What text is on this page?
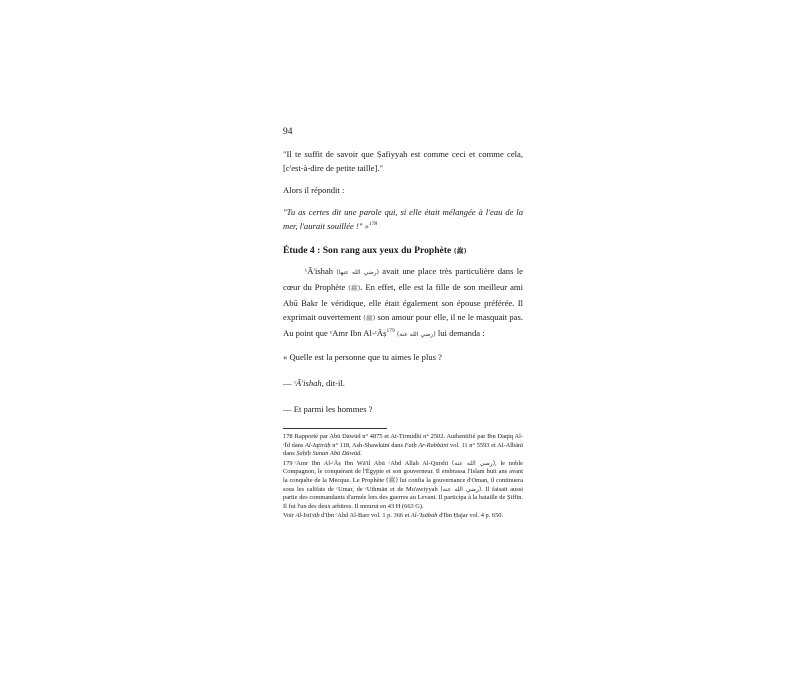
94

"Il te suffit de savoir que Ṣafiyyah est comme ceci et comme cela, [c'est-à-dire de petite taille]."

Alors il répondit :

"Tu as certes dit une parole qui, si elle était mélangée à l'eau de la mer, l'aurait souillée !" »$^{178}$

Étude 4 : Son rang aux yeux du Prophète (ﷺ)

ᶜĀ'ishah (رضي الله عنها) avait une place très particulière dans le cœur du Prophète (ﷺ). En effet, elle est la fille de son meilleur ami Abū Bakr le véridique, elle était également son épouse préférée. Il exprimait ouvertement (ﷺ) son amour pour elle, il ne le masquait pas. Au point que ᶜAmr Ibn Al-ᶜĀṣ$^{179}$ (رضي الله عنه) lui demanda :

« Quelle est la personne que tu aimes le plus ?

— ᶜĀ'ishah, dit-il.

— Et parmi les hommes ?

178 Rapporté par Abū Dāwūd n° 4875 et At-Tirmidhī n° 2502. Authentifié par Ibn Daqīq Al-ᶜĪd dans Al-Iqtirāḥ n° 118, Ash-Shawkānī dans Fatḥ Ar-Rabbānī vol. 11 n° 5593 et Al-Albānī dans Ṣaḥīḥ Sunan Abū Dāwūd.

179 ᶜAmr Ibn Al-ᶜĀṣ Ibn Wā'il Abū ᶜAbd Allah Al-Qurshī (رضي الله عنه), le noble Compagnon, le conquérant de l'Égypte et son gouverneur. Il embrassa l'Islam huit ans avant la conquête de la Mecque. Le Prophète (ﷺ) lui confia la gouvernance d'Oman, il continuera sous les califats de ᶜUmar, de ᶜUthmān et de Mu'awiyyah (رضي الله عنه). Il faisait aussi partie des commandants d'armée lors des guerres au Levant. Il participa à la bataille de Ṣiffīn. Il fut l'un des deux arbitres. Il mourut en 43 H (663 G).

Voir Al-Istīᶜāb d'Ibn ᶜAbd Al-Barr vol. 1 p. 366 et Al-'Iṣābah d'Ibn Ḥajar vol. 4 p. 650.
